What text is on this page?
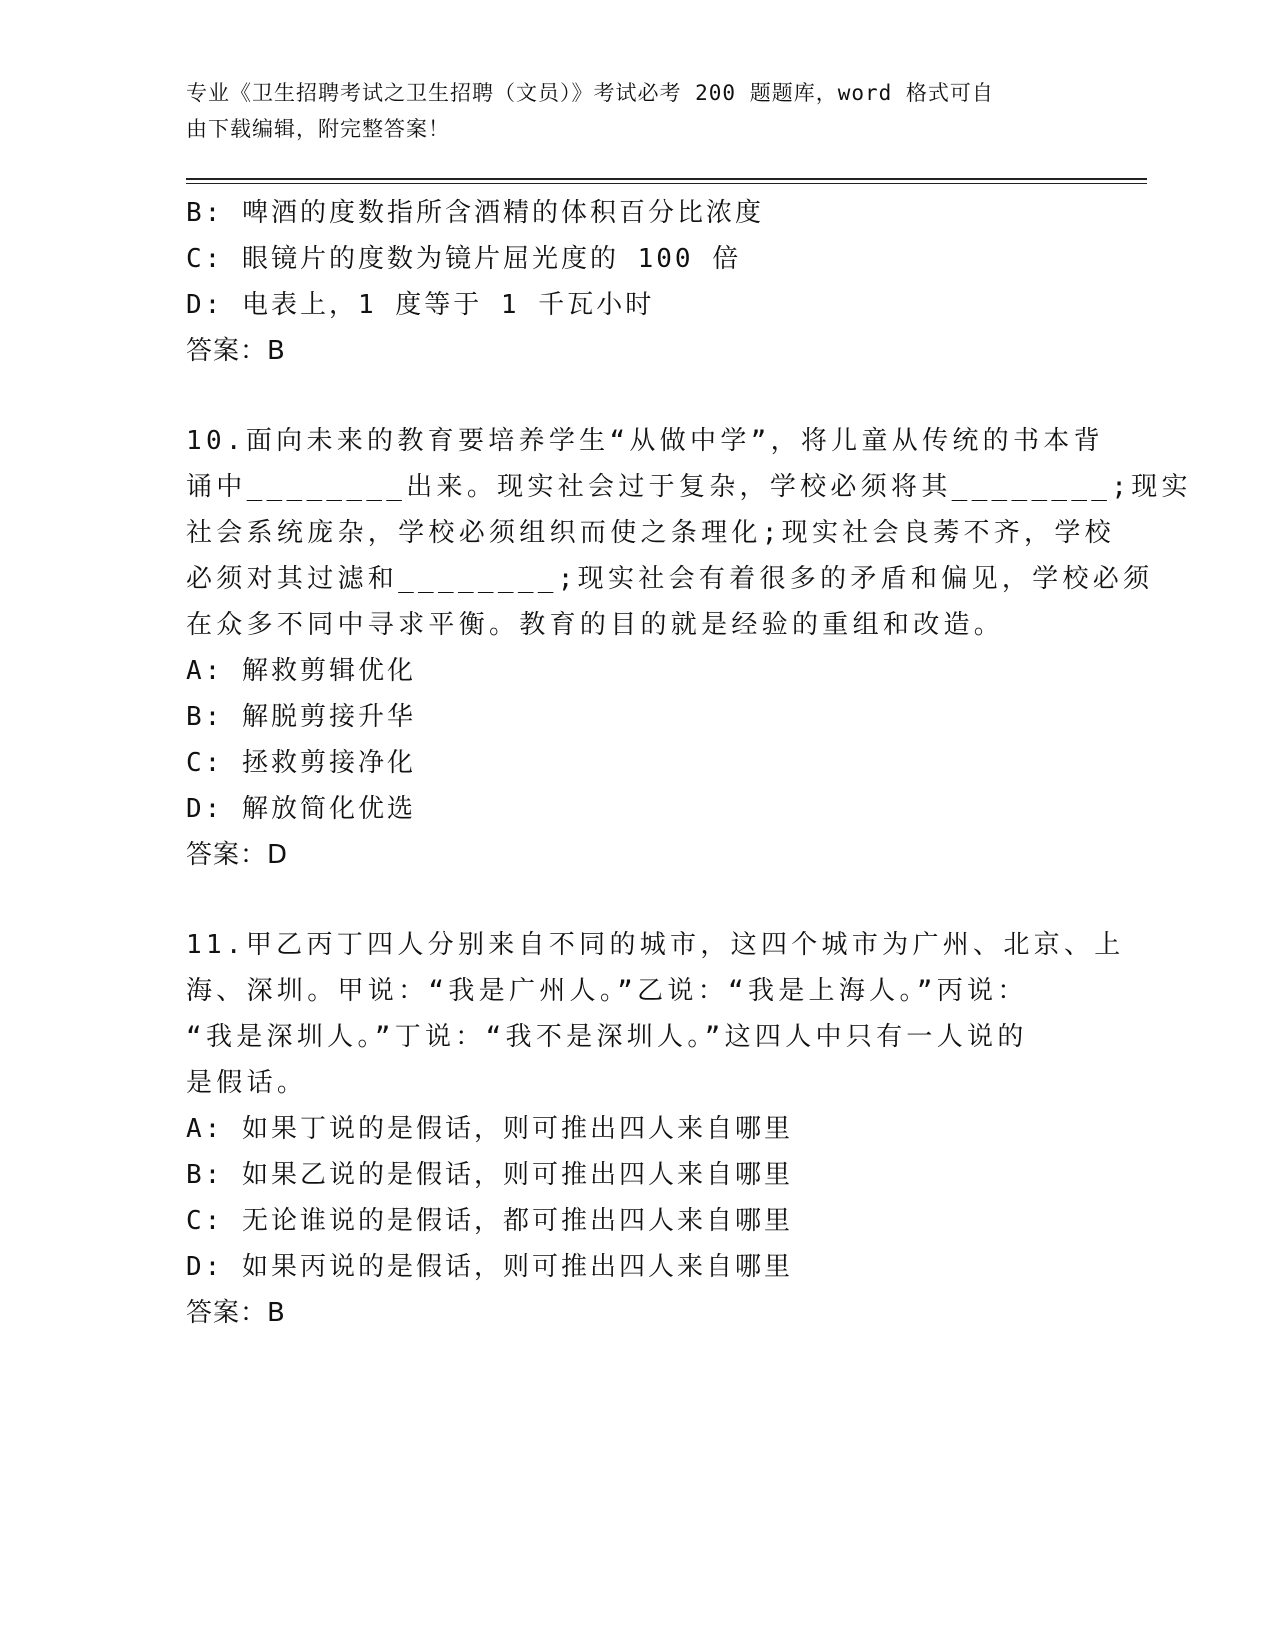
专业《卫生招聘考试之卫生招聘（文员）》考试必考 200 题题库，word 格式可自
由下载编辑，附完整答案！
B: 啤酒的度数指所含酒精的体积百分比浓度
C: 眼镜片的度数为镜片屈光度的 100 倍
D: 电表上，1 度等于 1 千瓦小时
答案：B
10.面向未来的教育要培养学生“从做中学”，将儿童从传统的书本背
诵中________出来。现实社会过于复杂，学校必须将其________;现实
社会系统庞杂，学校必须组织而使之条理化;现实社会良莠不齐，学校
必须对其过滤和________;现实社会有着很多的矛盾和偏见，学校必须
在众多不同中寻求平衡。教育的目的就是经验的重组和改造。
A: 解救剪辑优化
B: 解脱剪接升华
C: 拯救剪接净化
D: 解放简化优选
答案：D
11.甲乙丙丁四人分别来自不同的城市，这四个城市为广州、北京、上
海、深圳。甲说：“我是广州人。”乙说：“我是上海人。”丙说：
“我是深圳人。”丁说：“我不是深圳人。”这四人中只有一人说的
是假话。
A: 如果丁说的是假话，则可推出四人来自哪里
B: 如果乙说的是假话，则可推出四人来自哪里
C: 无论谁说的是假话，都可推出四人来自哪里
D: 如果丙说的是假话，则可推出四人来自哪里
答案：B
